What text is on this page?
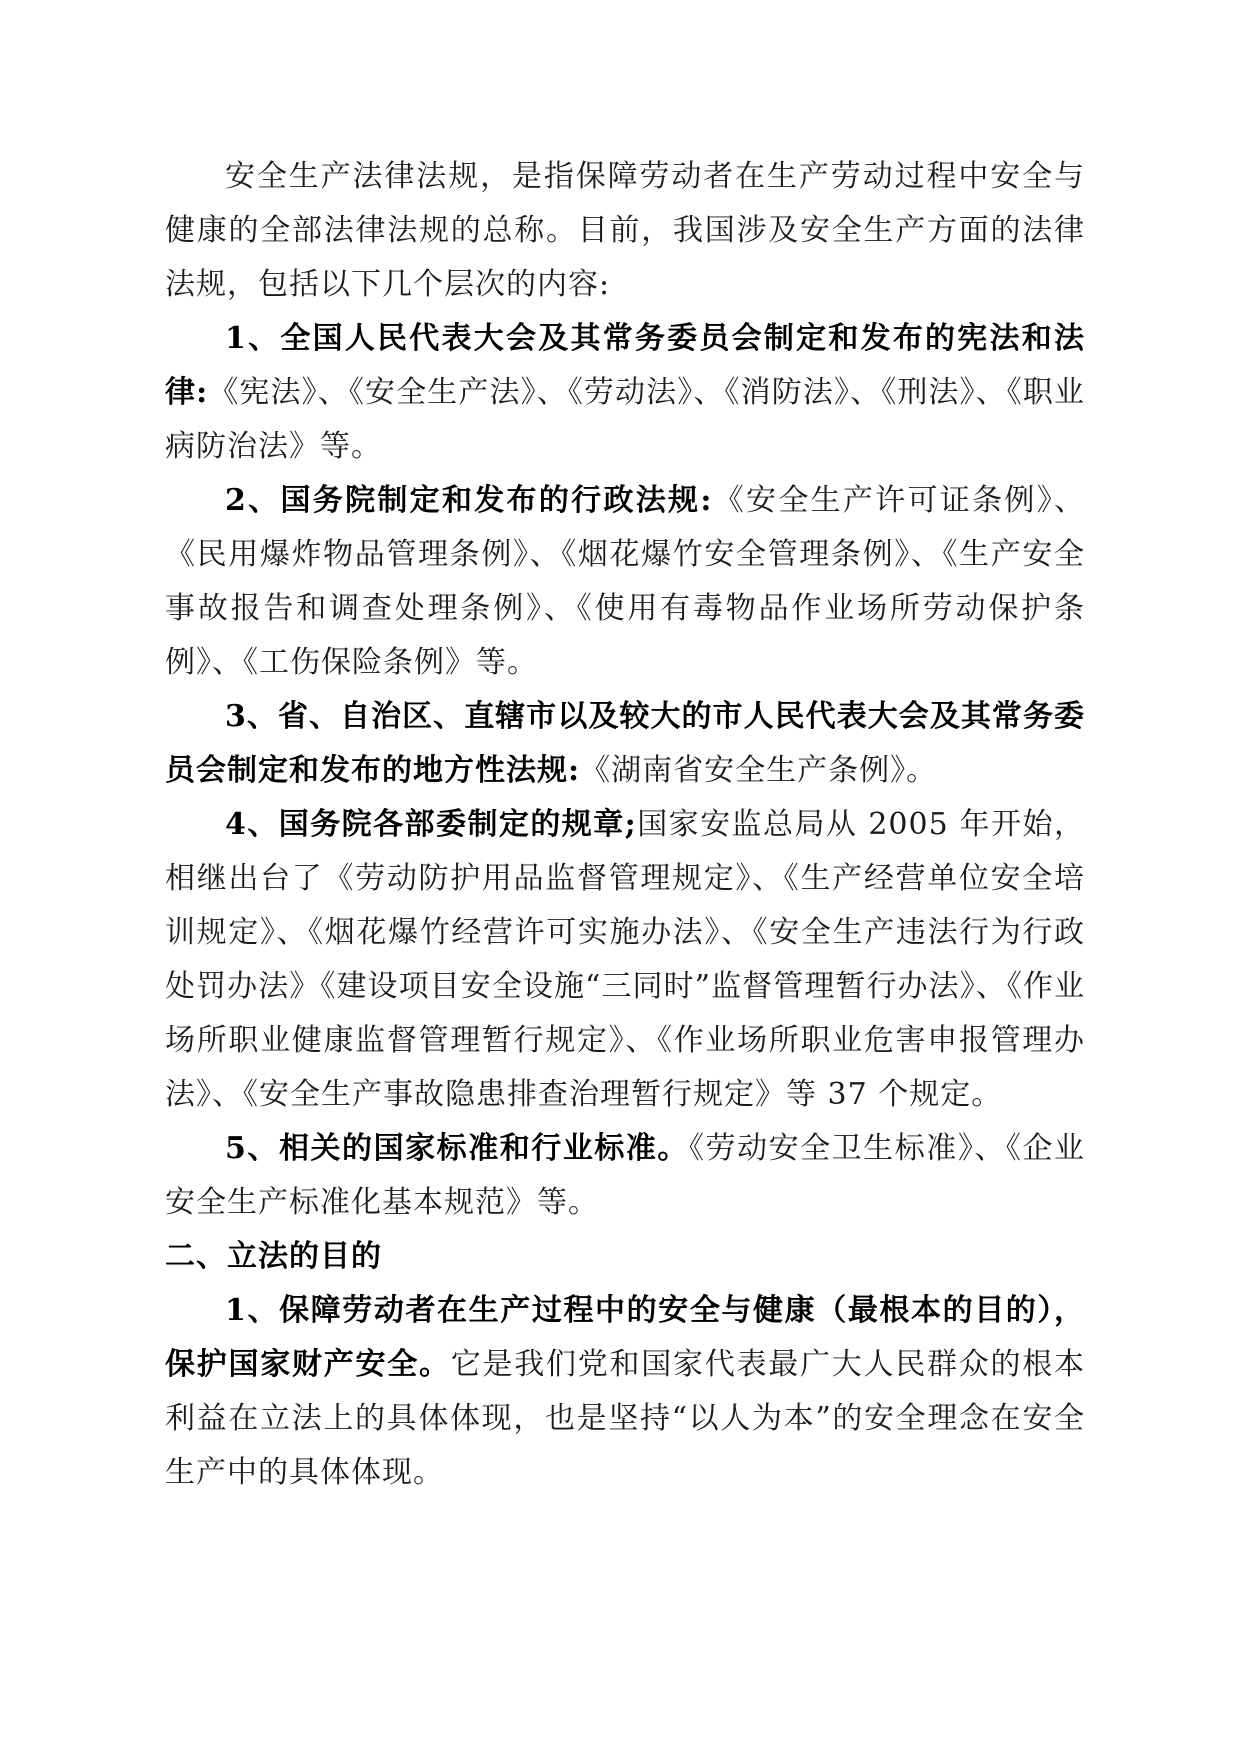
安全生产法律法规，是指保障劳动者在生产劳动过程中安全与健康的全部法律法规的总称。目前，我国涉及安全生产方面的法律法规，包括以下几个层次的内容:

1、全国人民代表大会及其常务委员会制定和发布的宪法和法律:《宪法》、《安全生产法》、《劳动法》、《消防法》、《刑法》、《职业病防治法》等。

2、国务院制定和发布的行政法规:《安全生产许可证条例》、《民用爆炸物品管理条例》、《烟花爆竹安全管理条例》、《生产安全事故报告和调查处理条例》、《使用有毒物品作业场所劳动保护条例》、《工伤保险条例》等。

3、省、自治区、直辖市以及较大的市人民代表大会及其常务委员会制定和发布的地方性法规:《湖南省安全生产条例》。

4、国务院各部委制定的规章;国家安监总局从 2005 年开始，相继出台了《劳动防护用品监督管理规定》、《生产经营单位安全培训规定》、《烟花爆竹经营许可实施办法》、《安全生产违法行为行政处罚办法》《建设项目安全设施“三同时”监督管理暂行办法》、《作业场所职业健康监督管理暂行规定》、《作业场所职业危害申报管理办法》、《安全生产事故隐患排查治理暂行规定》等 37 个规定。

5、相关的国家标准和行业标准。《劳动安全卫生标准》、《企业安全生产标准化基本规范》等。

二、立法的目的

1、保障劳动者在生产过程中的安全与健康（最根本的目的），保护国家财产安全。它是我们党和国家代表最广大人民群众的根本利益在立法上的具体体现，也是坚持“以人为本”的安全理念在安全生产中的具体体现。
